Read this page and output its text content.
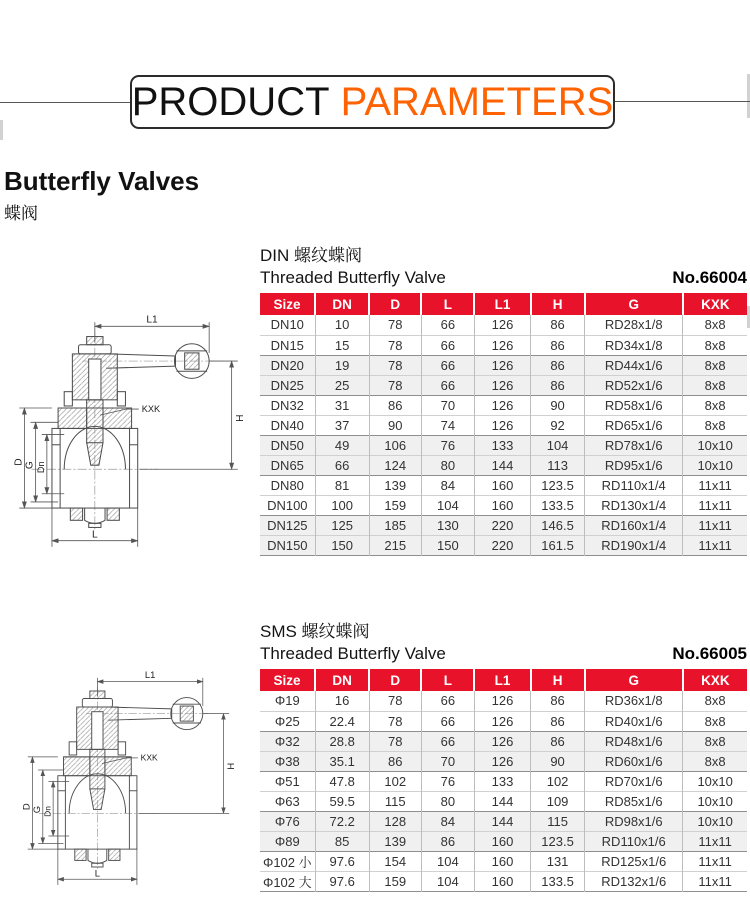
PRODUCT PARAMETERS
Butterfly Valves
蝶阀
DIN 螺纹蝶阀
Threaded Butterfly Valve	No.66004
Size	DN	D	L	L1	H	G	KXK
DN10	10	78	66	126	86	RD28x1/8	8x8
DN15	15	78	66	126	86	RD34x1/8	8x8
DN20	19	78	66	126	86	RD44x1/6	8x8
DN25	25	78	66	126	86	RD52x1/6	8x8
DN32	31	86	70	126	90	RD58x1/6	8x8
DN40	37	90	74	126	92	RD65x1/6	8x8
DN50	49	106	76	133	104	RD78x1/6	10x10
DN65	66	124	80	144	113	RD95x1/6	10x10
DN80	81	139	84	160	123.5	RD110x1/4	11x11
DN100	100	159	104	160	133.5	RD130x1/4	11x11
DN125	125	185	130	220	146.5	RD160x1/4	11x11
DN150	150	215	150	220	161.5	RD190x1/4	11x11
SMS 螺纹蝶阀
Threaded Butterfly Valve	No.66005
Size	DN	D	L	L1	H	G	KXK
Φ19	16	78	66	126	86	RD36x1/8	8x8
Φ25	22.4	78	66	126	86	RD40x1/6	8x8
Φ32	28.8	78	66	126	86	RD48x1/6	8x8
Φ38	35.1	86	70	126	90	RD60x1/6	8x8
Φ51	47.8	102	76	133	102	RD70x1/6	10x10
Φ63	59.5	115	80	144	109	RD85x1/6	10x10
Φ76	72.2	128	84	144	115	RD98x1/6	10x10
Φ89	85	139	86	160	123.5	RD110x1/6	11x11
Φ102 小	97.6	154	104	160	131	RD125x1/6	11x11
Φ102 大	97.6	159	104	160	133.5	RD132x1/6	11x11
L1
H
KXK
D G Dn
L
L1
H
KXK
D G Dn
L
